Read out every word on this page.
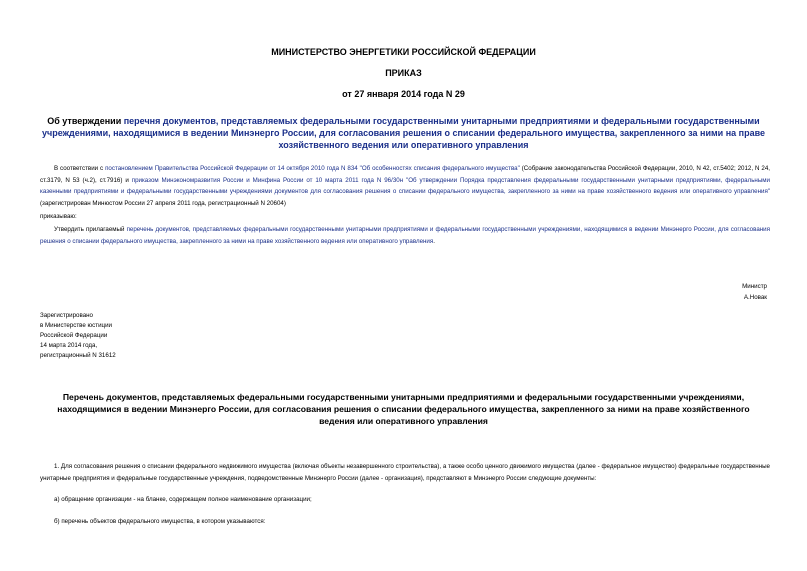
МИНИСТЕРСТВО ЭНЕРГЕТИКИ РОССИЙСКОЙ ФЕДЕРАЦИИ
ПРИКАЗ
от 27 января 2014 года N 29
Об утверждении перечня документов, представляемых федеральными государственными унитарными предприятиями и федеральными государственными учреждениями, находящимися в ведении Минэнерго России, для согласования решения о списании федерального имущества, закрепленного за ними на праве хозяйственного ведения или оперативного управления
В соответствии с постановлением Правительства Российской Федерации от 14 октября 2010 года N 834 "Об особенностях списания федерального имущества" (Собрание законодательства Российской Федерации, 2010, N 42, ст.5402; 2012, N 24, ст.3179, N 53 (ч.2), ст.7916) и приказом Минэкономразвития России и Минфина России от 10 марта 2011 года N 96/30н "Об утверждении Порядка представления федеральными государственными унитарными предприятиями, федеральными казенными предприятиями и федеральными государственными учреждениями документов для согласования решения о списании федерального имущества, закрепленного за ними на праве хозяйственного ведения или оперативного управления" (зарегистрирован Минюстом России 27 апреля 2011 года, регистрационный N 20604)
приказываю:
Утвердить прилагаемый перечень документов, представляемых федеральными государственными унитарными предприятиями и федеральными государственными учреждениями, находящимися в ведении Минэнерго России, для согласования решения о списании федерального имущества, закрепленного за ними на праве хозяйственного ведения или оперативного управления.
Министр
А.Новак
Зарегистрировано
в Министерстве юстиции
Российской Федерации
14 марта 2014 года,
регистрационный N 31612
Перечень документов, представляемых федеральными государственными унитарными предприятиями и федеральными государственными учреждениями, находящимися в ведении Минэнерго России, для согласования решения о списании федерального имущества, закрепленного за ними на праве хозяйственного ведения или оперативного управления
1. Для согласования решения о списании федерального недвижимого имущества (включая объекты незавершенного строительства), а также особо ценного движимого имущества (далее - федеральное имущество) федеральные государственные унитарные предприятия и федеральные государственные учреждения, подведомственные Минэнерго России (далее - организация), представляют в Минэнерго России следующие документы:
а) обращение организации - на бланке, содержащем полное наименование организации;
б) перечень объектов федерального имущества, в котором указываются:
